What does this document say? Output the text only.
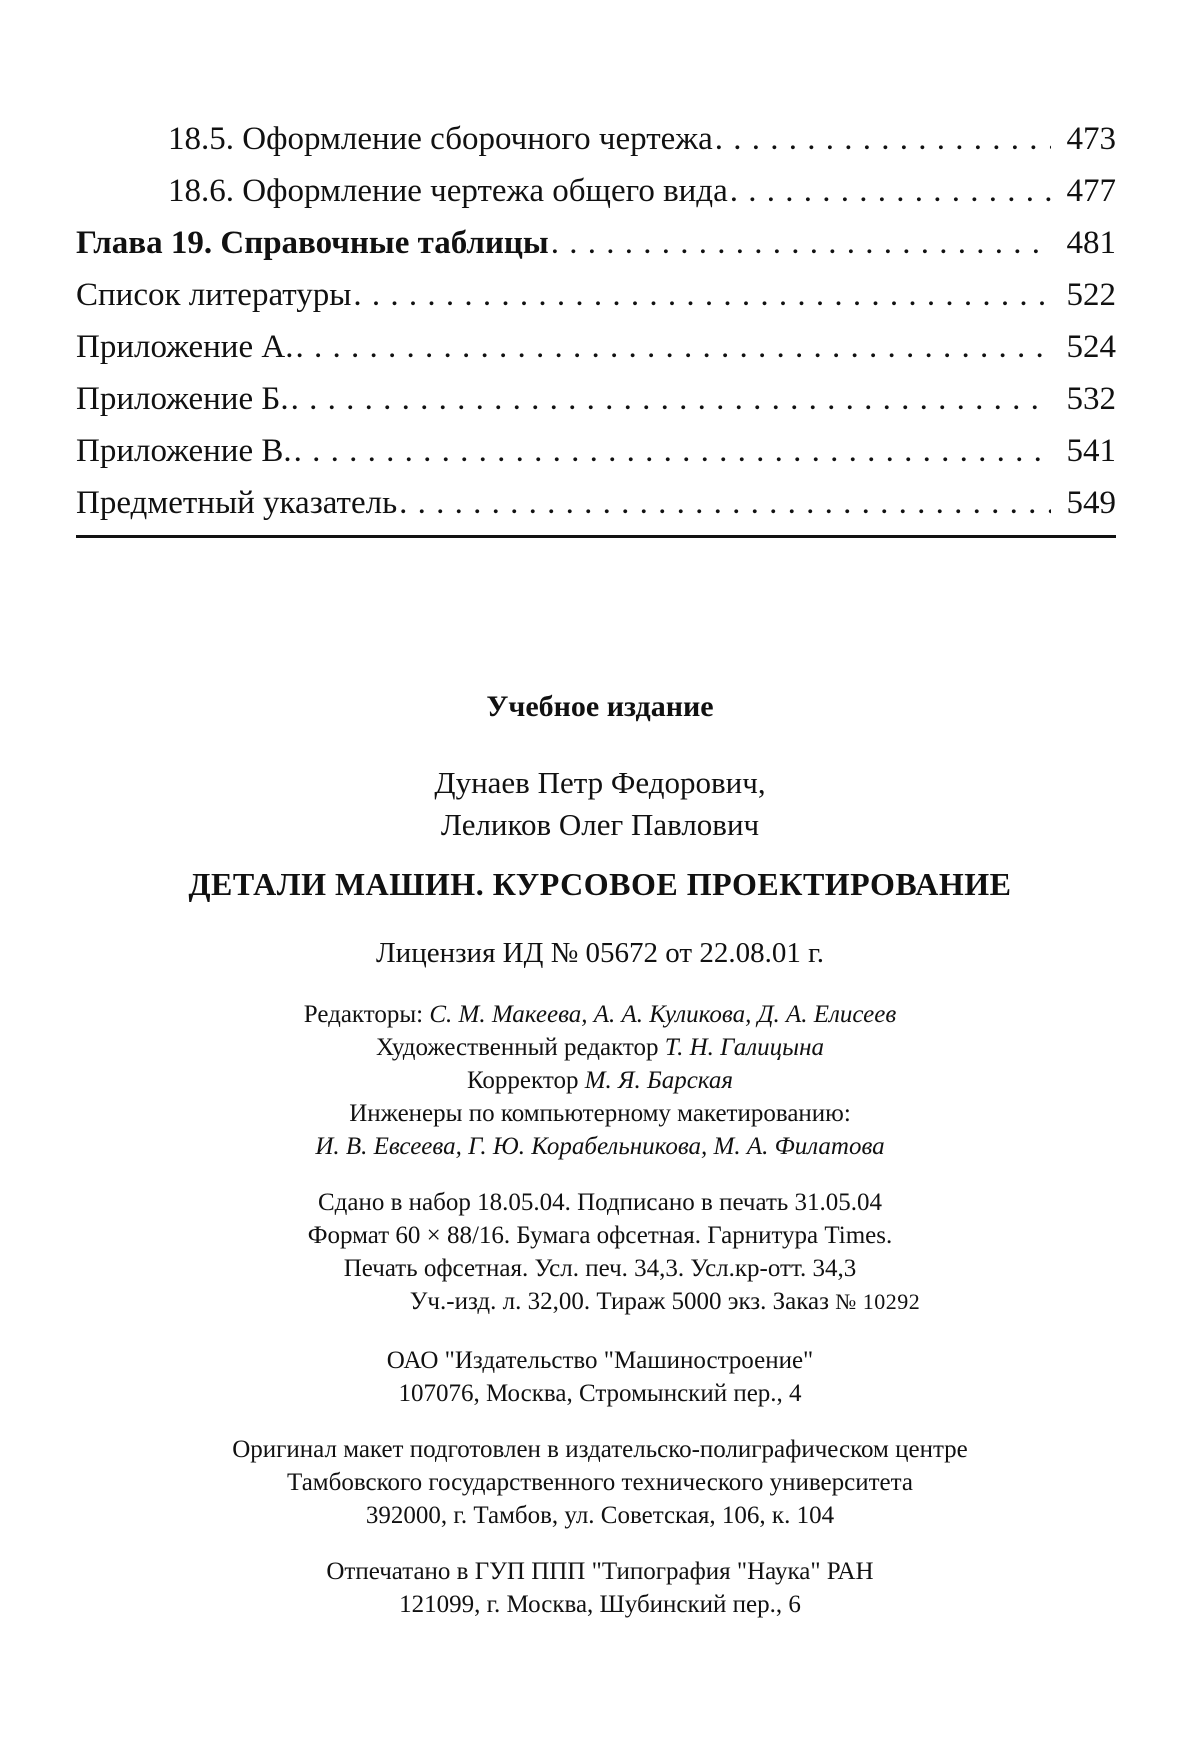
18.5. Оформление сборочного чертежа . . .	473
18.6. Оформление чертежа общего вида . . .	477
Глава 19. Справочные таблицы . . .	481
Список литературы . . .	522
Приложение А. . . .	524
Приложение Б. . . .	532
Приложение В. . . .	541
Предметный указатель . . .	549
Учебное издание
Дунаев Петр Федорович,
Леликов Олег Павлович
ДЕТАЛИ МАШИН. КУРСОВОЕ ПРОЕКТИРОВАНИЕ
Лицензия ИД № 05672 от 22.08.01 г.
Редакторы: С. М. Макеева, А. А. Куликова, Д. А. Елисеев
Художественный редактор Т. Н. Галицына
Корректор М. Я. Барская
Инженеры по компьютерному макетированию:
И. В. Евсеева, Г. Ю. Корабельникова, М. А. Филатова
Сдано в набор 18.05.04. Подписано в печать 31.05.04
Формат 60 × 88/16. Бумага офсетная. Гарнитура Times.
Печать офсетная. Усл. печ. 34,3. Усл.кр-отт. 34,3
Уч.-изд. л. 32,00. Тираж 5000 экз. Заказ № 10292
ОАО "Издательство "Машиностроение"
107076, Москва, Стромынский пер., 4
Оригинал макет подготовлен в издательско-полиграфическом центре
Тамбовского государственного технического университета
392000, г. Тамбов, ул. Советская, 106, к. 104
Отпечатано в ГУП ППП "Типография "Наука" РАН
121099, г. Москва, Шубинский пер., 6
